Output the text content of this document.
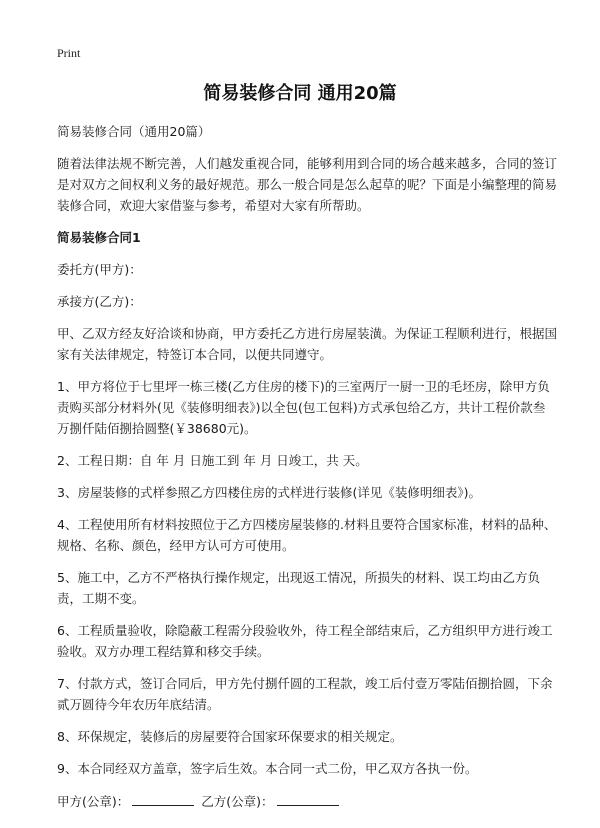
Print
简易装修合同 通用20篇

简易装修合同（通用20篇）

随着法律法规不断完善，人们越发重视合同，能够利用到合同的场合越来越多，合同的签订是对双方之间权利义务的最好规范。那么一般合同是怎么起草的呢？下面是小编整理的简易装修合同，欢迎大家借鉴与参考，希望对大家有所帮助。

简易装修合同1

委托方(甲方)：

承接方(乙方)：

甲、乙双方经友好洽谈和协商，甲方委托乙方进行房屋装潢。为保证工程顺利进行，根据国家有关法律规定，特签订本合同，以便共同遵守。

1、甲方将位于七里坪一栋三楼(乙方住房的楼下)的三室两厅一厨一卫的毛坯房，除甲方负责购买部分材料外(见《装修明细表》)以全包(包工包料)方式承包给乙方，共计工程价款叁万捌仟陆佰捌拾圆整(￥38680元)。

2、工程日期：自 年 月 日施工到 年 月 日竣工，共 天。

3、房屋装修的式样参照乙方四楼住房的式样进行装修(详见《装修明细表》)。

4、工程使用所有材料按照位于乙方四楼房屋装修的.材料且要符合国家标准，材料的品种、规格、名称、颜色，经甲方认可方可使用。

5、施工中，乙方不严格执行操作规定，出现返工情况，所损失的材料、误工均由乙方负责，工期不变。

6、工程质量验收，除隐蔽工程需分段验收外，待工程全部结束后，乙方组织甲方进行竣工验收。双方办理工程结算和移交手续。

7、付款方式，签订合同后，甲方先付捌仟圆的工程款，竣工后付壹万零陆佰捌拾圆，下余贰万圆待今年农历年底结清。

8、环保规定，装修后的房屋要符合国家环保要求的相关规定。

9、本合同经双方盖章，签字后生效。本合同一式二份，甲乙双方各执一份。

甲方(公章)：	乙方(公章)：
